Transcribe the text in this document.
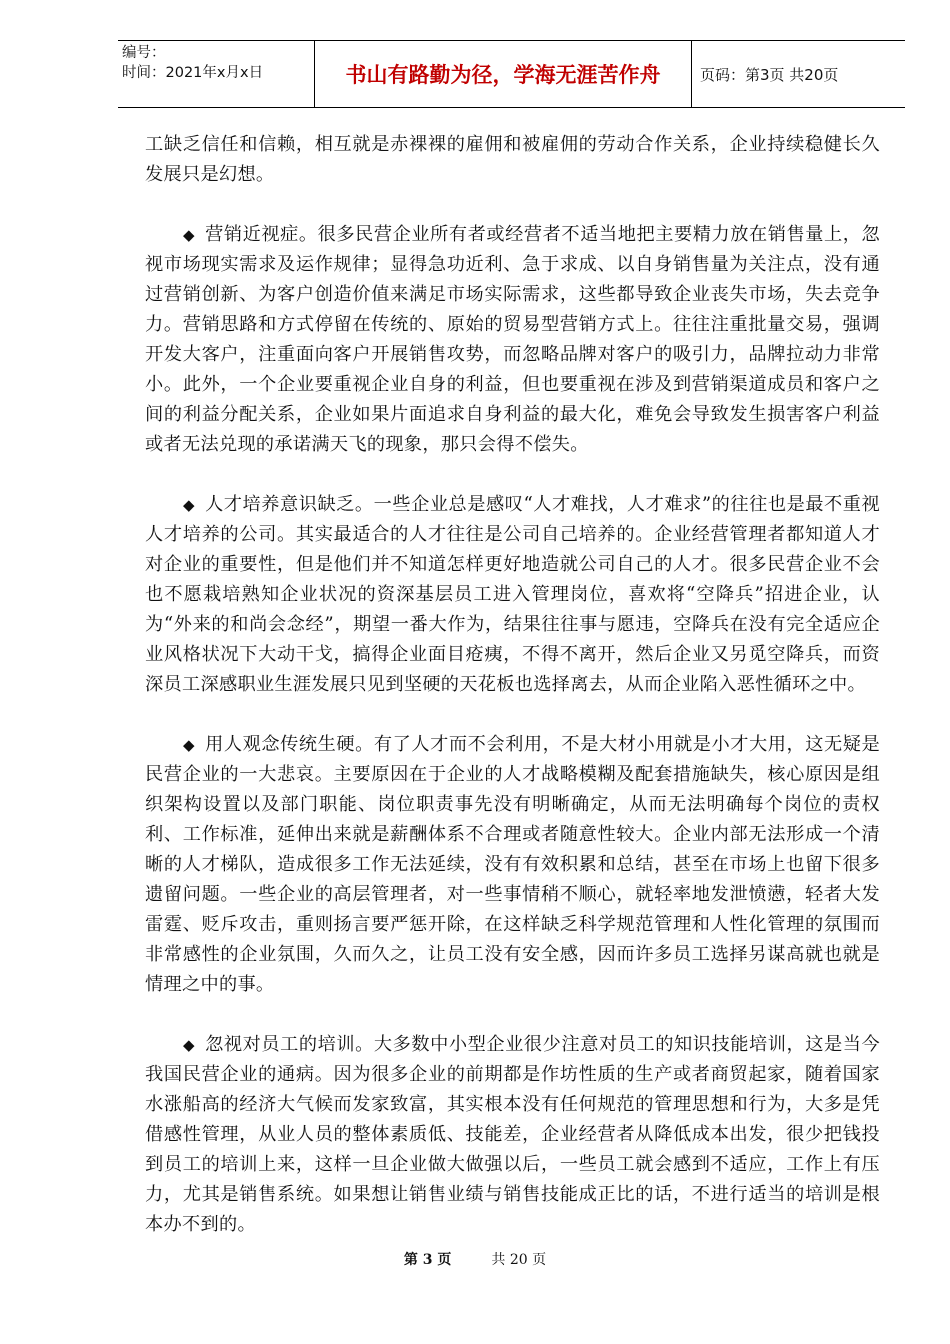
编号：
时间：2021年x月x日	书山有路勤为径，学海无涯苦作舟	页码：第3页 共20页

工缺乏信任和信赖，相互就是赤裸裸的雇佣和被雇佣的劳动合作关系，企业持续稳健长久发展只是幻想。

◆ 营销近视症。很多民营企业所有者或经营者不适当地把主要精力放在销售量上，忽视市场现实需求及运作规律；显得急功近利、急于求成、以自身销售量为关注点，没有通过营销创新、为客户创造价值来满足市场实际需求，这些都导致企业丧失市场，失去竞争力。营销思路和方式停留在传统的、原始的贸易型营销方式上。往往注重批量交易，强调开发大客户，注重面向客户开展销售攻势，而忽略品牌对客户的吸引力，品牌拉动力非常小。此外，一个企业要重视企业自身的利益，但也要重视在涉及到营销渠道成员和客户之间的利益分配关系，企业如果片面追求自身利益的最大化，难免会导致发生损害客户利益或者无法兑现的承诺满天飞的现象，那只会得不偿失。

◆ 人才培养意识缺乏。一些企业总是感叹“人才难找，人才难求”的往往也是最不重视人才培养的公司。其实最适合的人才往往是公司自己培养的。企业经营管理者都知道人才对企业的重要性，但是他们并不知道怎样更好地造就公司自己的人才。很多民营企业不会也不愿栽培熟知企业状况的资深基层员工进入管理岗位，喜欢将“空降兵”招进企业，认为“外来的和尚会念经”，期望一番大作为，结果往往事与愿违，空降兵在没有完全适应企业风格状况下大动干戈，搞得企业面目疮痍，不得不离开，然后企业又另觅空降兵，而资深员工深感职业生涯发展只见到坚硬的天花板也选择离去，从而企业陷入恶性循环之中。

◆ 用人观念传统生硬。有了人才而不会利用，不是大材小用就是小才大用，这无疑是民营企业的一大悲哀。主要原因在于企业的人才战略模糊及配套措施缺失，核心原因是组织架构设置以及部门职能、岗位职责事先没有明晰确定，从而无法明确每个岗位的责权利、工作标准，延伸出来就是薪酬体系不合理或者随意性较大。企业内部无法形成一个清晰的人才梯队，造成很多工作无法延续，没有有效积累和总结，甚至在市场上也留下很多遗留问题。一些企业的高层管理者，对一些事情稍不顺心，就轻率地发泄愤懑，轻者大发雷霆、贬斥攻击，重则扬言要严惩开除，在这样缺乏科学规范管理和人性化管理的氛围而非常感性的企业氛围，久而久之，让员工没有安全感，因而许多员工选择另谋高就也就是情理之中的事。

◆ 忽视对员工的培训。大多数中小型企业很少注意对员工的知识技能培训，这是当今我国民营企业的通病。因为很多企业的前期都是作坊性质的生产或者商贸起家，随着国家水涨船高的经济大气候而发家致富，其实根本没有任何规范的管理思想和行为，大多是凭借感性管理，从业人员的整体素质低、技能差，企业经营者从降低成本出发，很少把钱投到员工的培训上来，这样一旦企业做大做强以后，一些员工就会感到不适应，工作上有压力，尤其是销售系统。如果想让销售业绩与销售技能成正比的话，不进行适当的培训是根本办不到的。

第 3 页	共 20 页
